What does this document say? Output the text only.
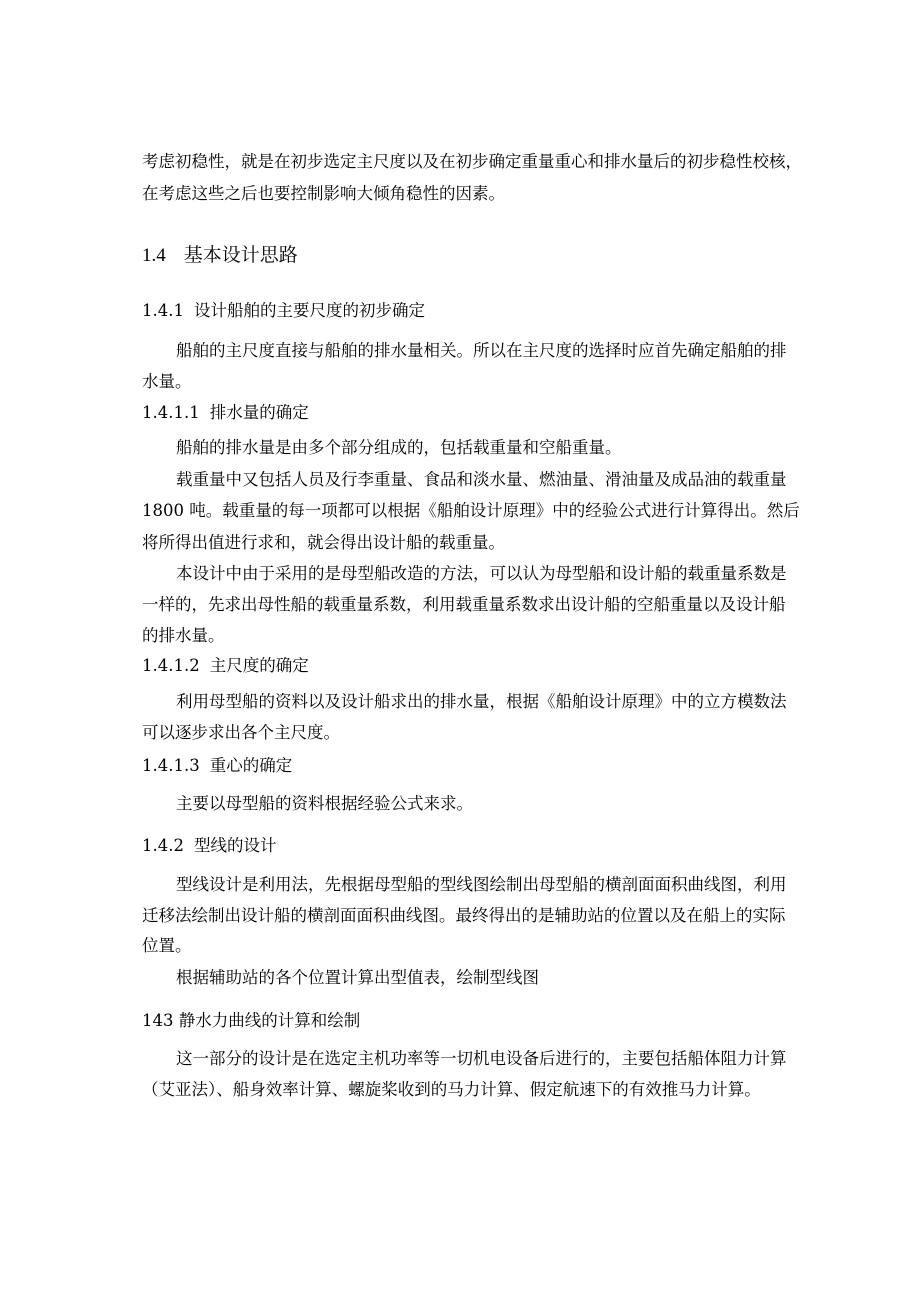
考虑初稳性，就是在初步选定主尺度以及在初步确定重量重心和排水量后的初步稳性校核，
在考虑这些之后也要控制影响大倾角稳性的因素。
1.4 基本设计思路
1.4.1 设计船舶的主要尺度的初步确定
船舶的主尺度直接与船舶的排水量相关。所以在主尺度的选择时应首先确定船舶的排
水量。
1.4.1.1 排水量的确定
船舶的排水量是由多个部分组成的，包括载重量和空船重量。
载重量中又包括人员及行李重量、食品和淡水量、燃油量、滑油量及成品油的载重量
1800 吨。载重量的每一项都可以根据《船舶设计原理》中的经验公式进行计算得出。然后
将所得出值进行求和，就会得出设计船的载重量。
本设计中由于采用的是母型船改造的方法，可以认为母型船和设计船的载重量系数是
一样的，先求出母性船的载重量系数，利用载重量系数求出设计船的空船重量以及设计船
的排水量。
1.4.1.2 主尺度的确定
利用母型船的资料以及设计船求出的排水量，根据《船舶设计原理》中的立方模数法
可以逐步求出各个主尺度。
1.4.1.3 重心的确定
主要以母型船的资料根据经验公式来求。
1.4.2 型线的设计
型线设计是利用法，先根据母型船的型线图绘制出母型船的横剖面面积曲线图，利用
迁移法绘制出设计船的横剖面面积曲线图。最终得出的是辅助站的位置以及在船上的实际
位置。
根据辅助站的各个位置计算出型值表，绘制型线图
143 静水力曲线的计算和绘制
这一部分的设计是在选定主机功率等一切机电设备后进行的，主要包括船体阻力计算
（艾亚法）、船身效率计算、螺旋桨收到的马力计算、假定航速下的有效推马力计算。
